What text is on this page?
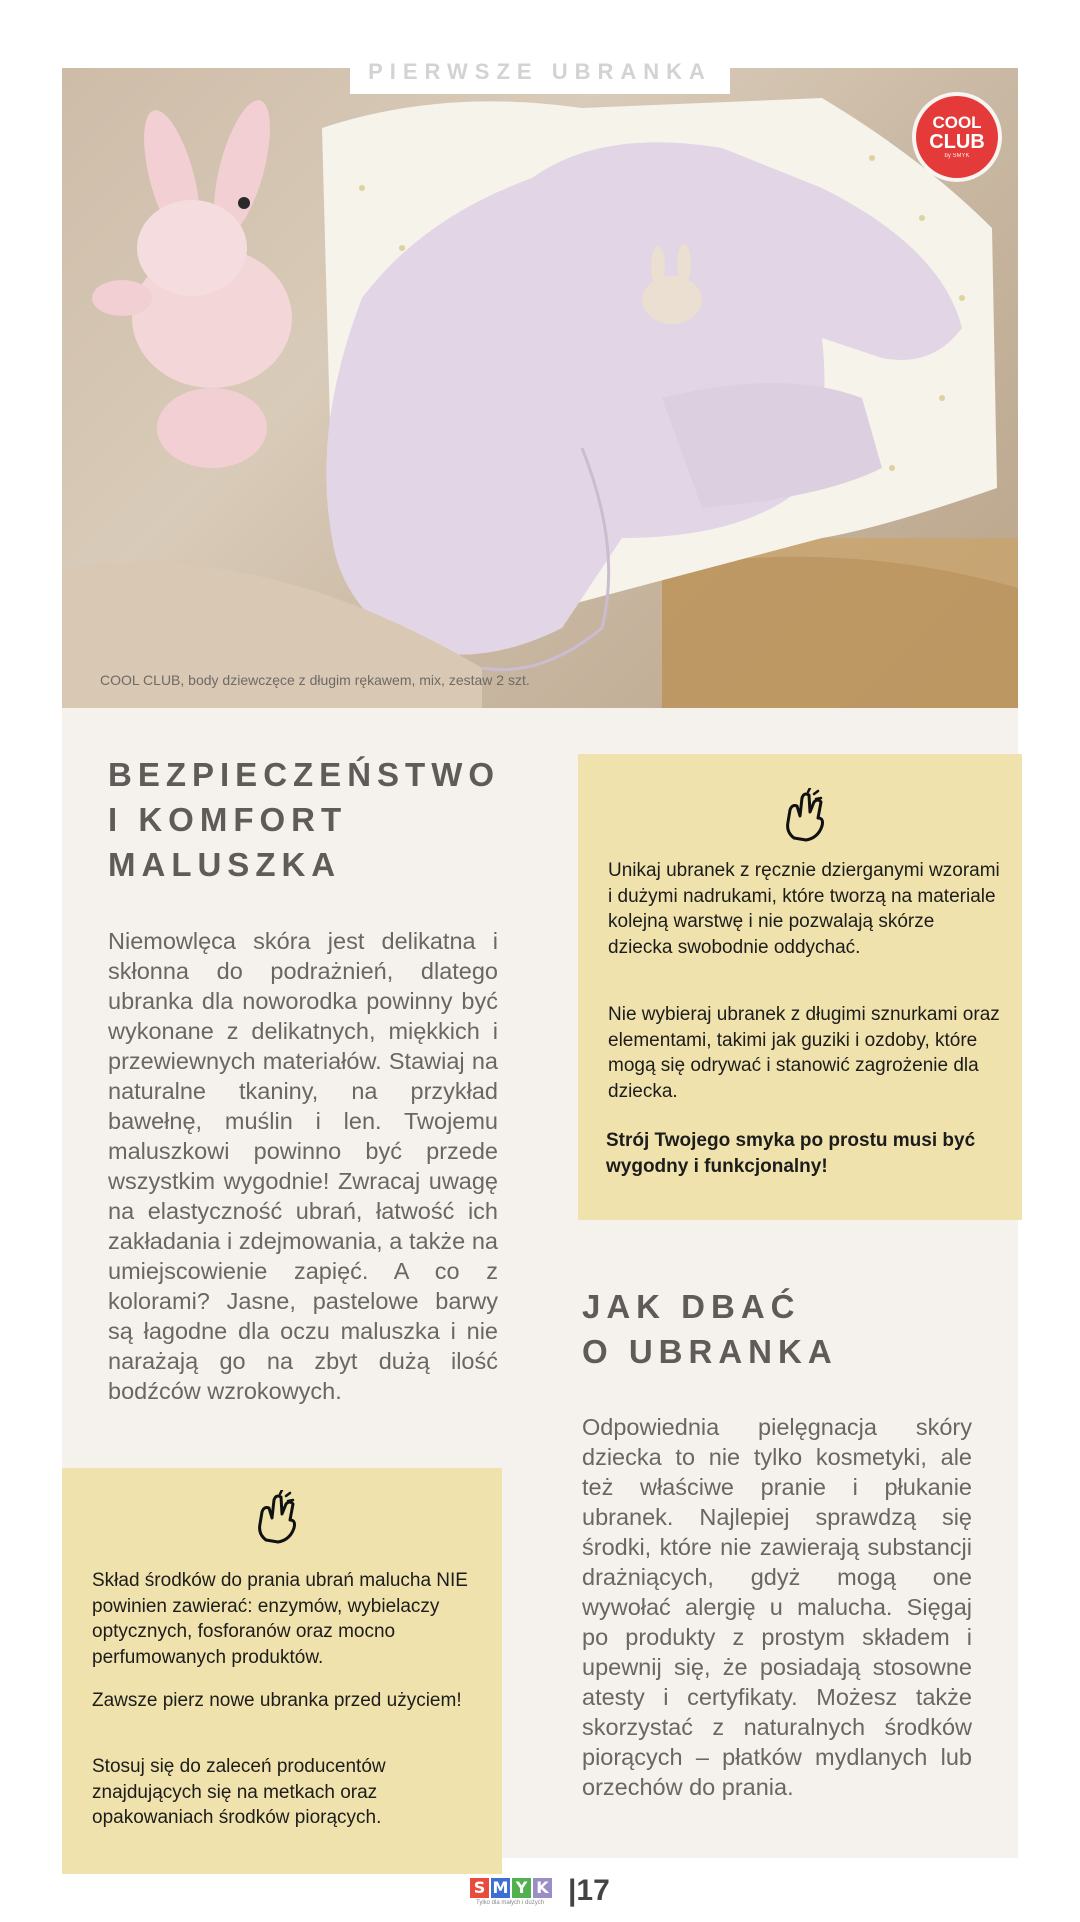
PIERWSZE UBRANKA
COOL
CLUB
by SMYK
COOL CLUB, body dziewczęce z długim rękawem, mix, zestaw 2 szt.
BEZPIECZEŃSTWO
I KOMFORT
MALUSZKA

Niemowlęca skóra jest delikatna i skłonna do podrażnień, dlatego ubranka dla noworodka powinny być wykonane z delikatnych, miękkich i przewiewnych materiałów. Stawiaj na naturalne tkaniny, na przykład bawełnę, muślin i len. Twojemu maluszkowi powinno być przede wszystkim wygodnie! Zwracaj uwagę na elastyczność ubrań, łatwość ich zakładania i zdejmowania, a także na umiejscowienie zapięć. A co z kolorami? Jasne, pastelowe barwy są łagodne dla oczu maluszka i nie narażają go na zbyt dużą ilość bodźców wzrokowych.

Unikaj ubranek z ręcznie dzierganymi wzorami i dużymi nadrukami, które tworzą na materiale kolejną warstwę i nie pozwalają skórze dziecka swobodnie oddychać.

Nie wybieraj ubranek z długimi sznurkami oraz elementami, takimi jak guziki i ozdoby, które mogą się odrywać i stanowić zagrożenie dla dziecka.

Strój Twojego smyka po prostu musi być wygodny i funkcjonalny!

JAK DBAĆ
O UBRANKA

Odpowiednia pielęgnacja skóry dziecka to nie tylko kosmetyki, ale też właściwe pranie i płukanie ubranek. Najlepiej sprawdzą się środki, które nie zawierają substancji drażniących, gdyż mogą one wywołać alergię u malucha. Sięgaj po produkty z prostym składem i upewnij się, że posiadają stosowne atesty i certyfikaty. Możesz także skorzystać z naturalnych środków piorących – płatków mydlanych lub orzechów do prania.

Skład środków do prania ubrań malucha NIE powinien zawierać: enzymów, wybielaczy optycznych, fosforanów oraz mocno perfumowanych produktów.

Zawsze pierz nowe ubranka przed użyciem!

Stosuj się do zaleceń producentów znajdujących się na metkach oraz opakowaniach środków piorących.

S M Y K
Tylko dla małych i dużych |17
